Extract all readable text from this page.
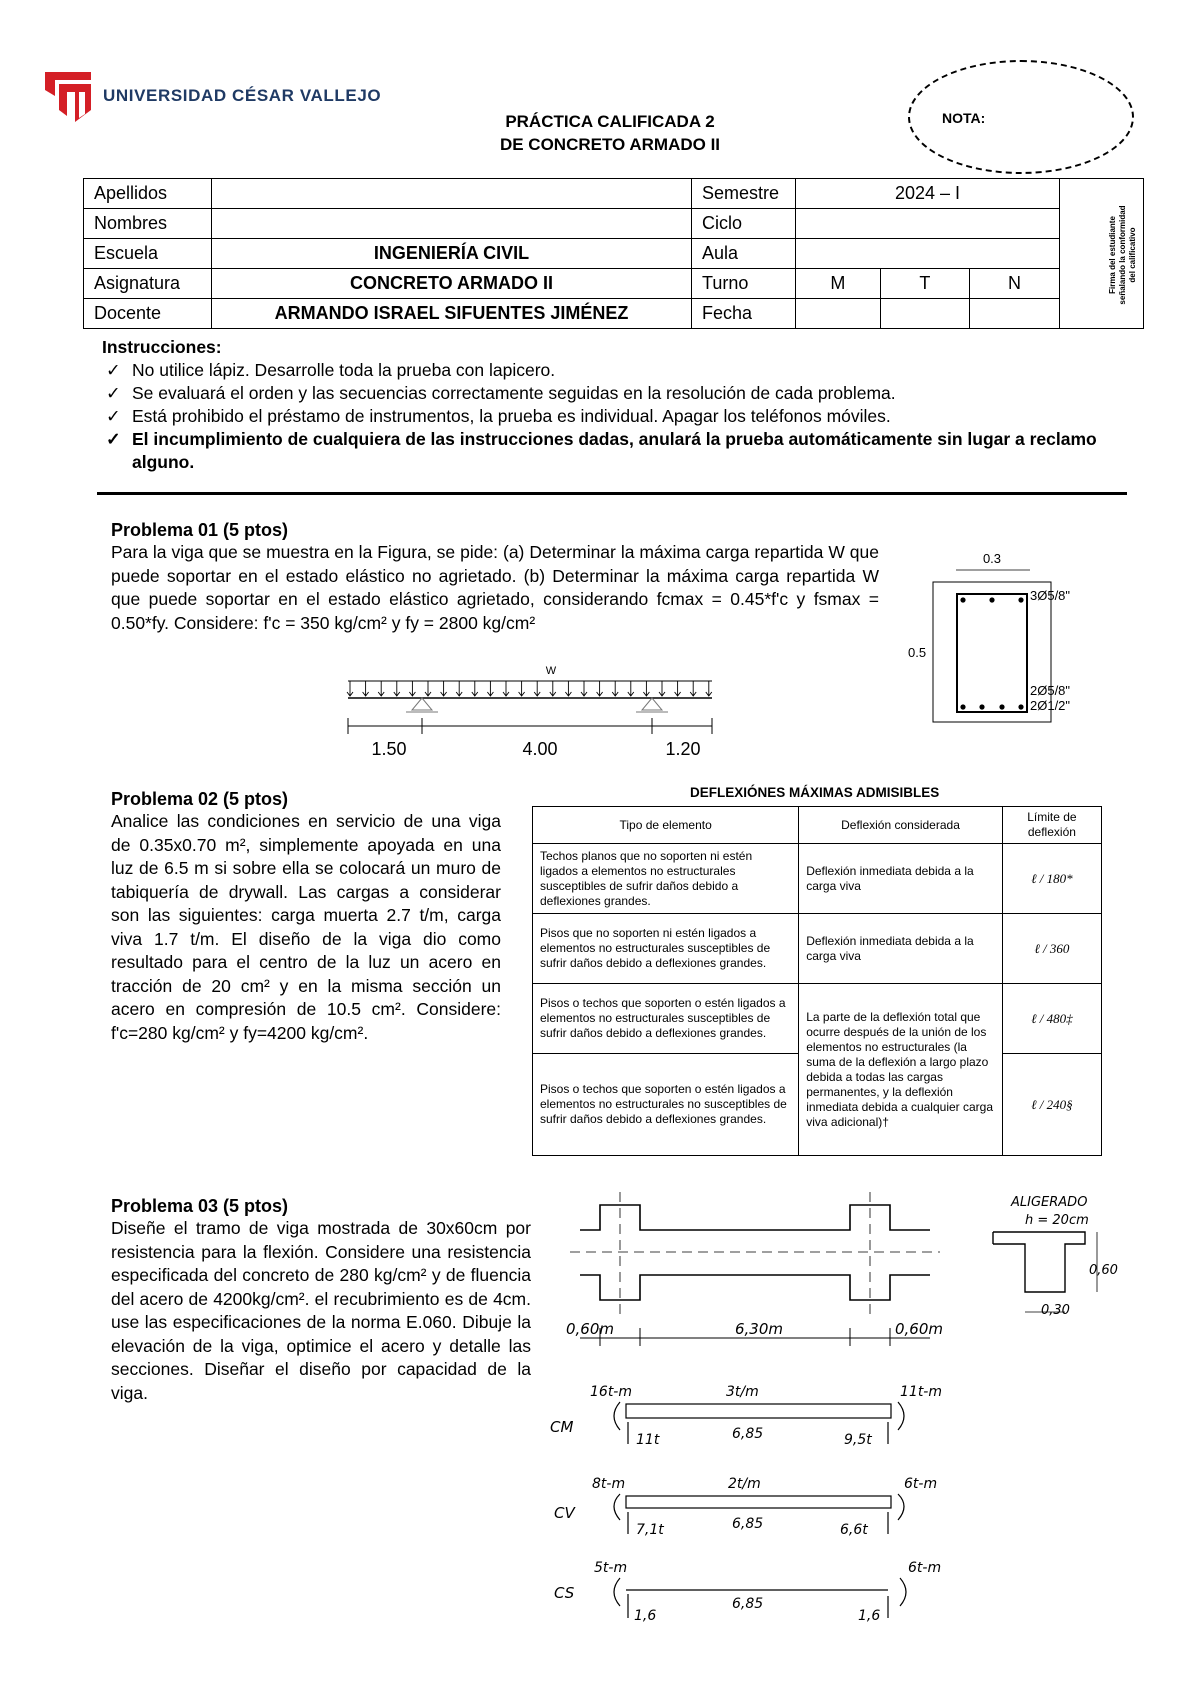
UNIVERSIDAD CÉSAR VALLEJO
PRÁCTICA CALIFICADA 2
DE CONCRETO ARMADO II
NOTA:
Apellidos		Semestre	2024 – I			
Nombres		Ciclo				
Escuela	INGENIERÍA CIVIL	Aula				
Asignatura	CONCRETO ARMADO II	Turno	M	T	N	
Docente	ARMANDO ISRAEL SIFUENTES JIMÉNEZ	Fecha				
Firma del estudiante señalando la conformidad del calificativo
Instrucciones:
✓ No utilice lápiz. Desarrolle toda la prueba con lapicero.
✓ Se evaluará el orden y las secuencias correctamente seguidas en la resolución de cada problema.
✓ Está prohibido el préstamo de instrumentos, la prueba es individual. Apagar los teléfonos móviles.
✓ El incumplimiento de cualquiera de las instrucciones dadas, anulará la prueba automáticamente sin lugar a reclamo alguno.
Problema 01 (5 ptos)
Para la viga que se muestra en la Figura, se pide: (a) Determinar la máxima carga repartida W que puede soportar en el estado elástico no agrietado. (b) Determinar la máxima carga repartida W que puede soportar en el estado elástico agrietado, considerando fcmax = 0.45*f'c y fsmax = 0.50*fy. Considere: f'c = 350 kg/cm² y fy = 2800 kg/cm²
W
1.50	4.00	1.20
0.3
0.5
3Ø5/8"
2Ø5/8"
2Ø1/2"
Problema 02 (5 ptos)
Analice las condiciones en servicio de una viga de 0.35x0.70 m², simplemente apoyada en una luz de 6.5 m si sobre ella se colocará un muro de tabiquería de drywall. Las cargas a considerar son las siguientes: carga muerta 2.7 t/m, carga viva 1.7 t/m. El diseño de la viga dio como resultado para el centro de la luz un acero en tracción de 20 cm² y en la misma sección un acero en compresión de 10.5 cm². Considere: f'c=280 kg/cm² y fy=4200 kg/cm².
DEFLEXIÓNES MÁXIMAS ADMISIBLES
Tipo de elemento	Deflexión considerada	Límite de deflexión
Techos planos que no soporten ni estén ligados a elementos no estructurales susceptibles de sufrir daños debido a deflexiones grandes.	Deflexión inmediata debida a la carga viva	ℓ / 180*
Pisos que no soporten ni estén ligados a elementos no estructurales susceptibles de sufrir daños debido a deflexiones grandes.	Deflexión inmediata debida a la carga viva	ℓ / 360
Pisos o techos que soporten o estén ligados a elementos no estructurales susceptibles de sufrir daños debido a deflexiones grandes.	La parte de la deflexión total que ocurre después de la unión de los elementos no estructurales (la suma de la deflexión a largo plazo debida a todas las cargas permanentes, y la deflexión inmediata debida a cualquier carga viva adicional)†	ℓ / 480‡
Pisos o techos que soporten o estén ligados a elementos no estructurales no susceptibles de sufrir daños debido a deflexiones grandes.		ℓ / 240§
Problema 03 (5 ptos)
Diseñe el tramo de viga mostrada de 30x60cm por resistencia para la flexión. Considere una resistencia especificada del concreto de 280 kg/cm² y de fluencia del acero de 4200kg/cm². el recubrimiento es de 4cm. use las especificaciones de la norma E.060. Dibuje la elevación de la viga, optimice el acero y detalle las secciones. Diseñar el diseño por capacidad de la viga.
0,60m	6,30m	0,60m
ALIGERADO
h = 20cm
0,60
0,30
CM
16t-m	3t/m	11t-m
11t	6,85	9,5t
CV
8t-m	2t/m	6t-m
7,1t	6,85	6,6t
CS
5t-m	6t-m
1,6
6,85
1,6
